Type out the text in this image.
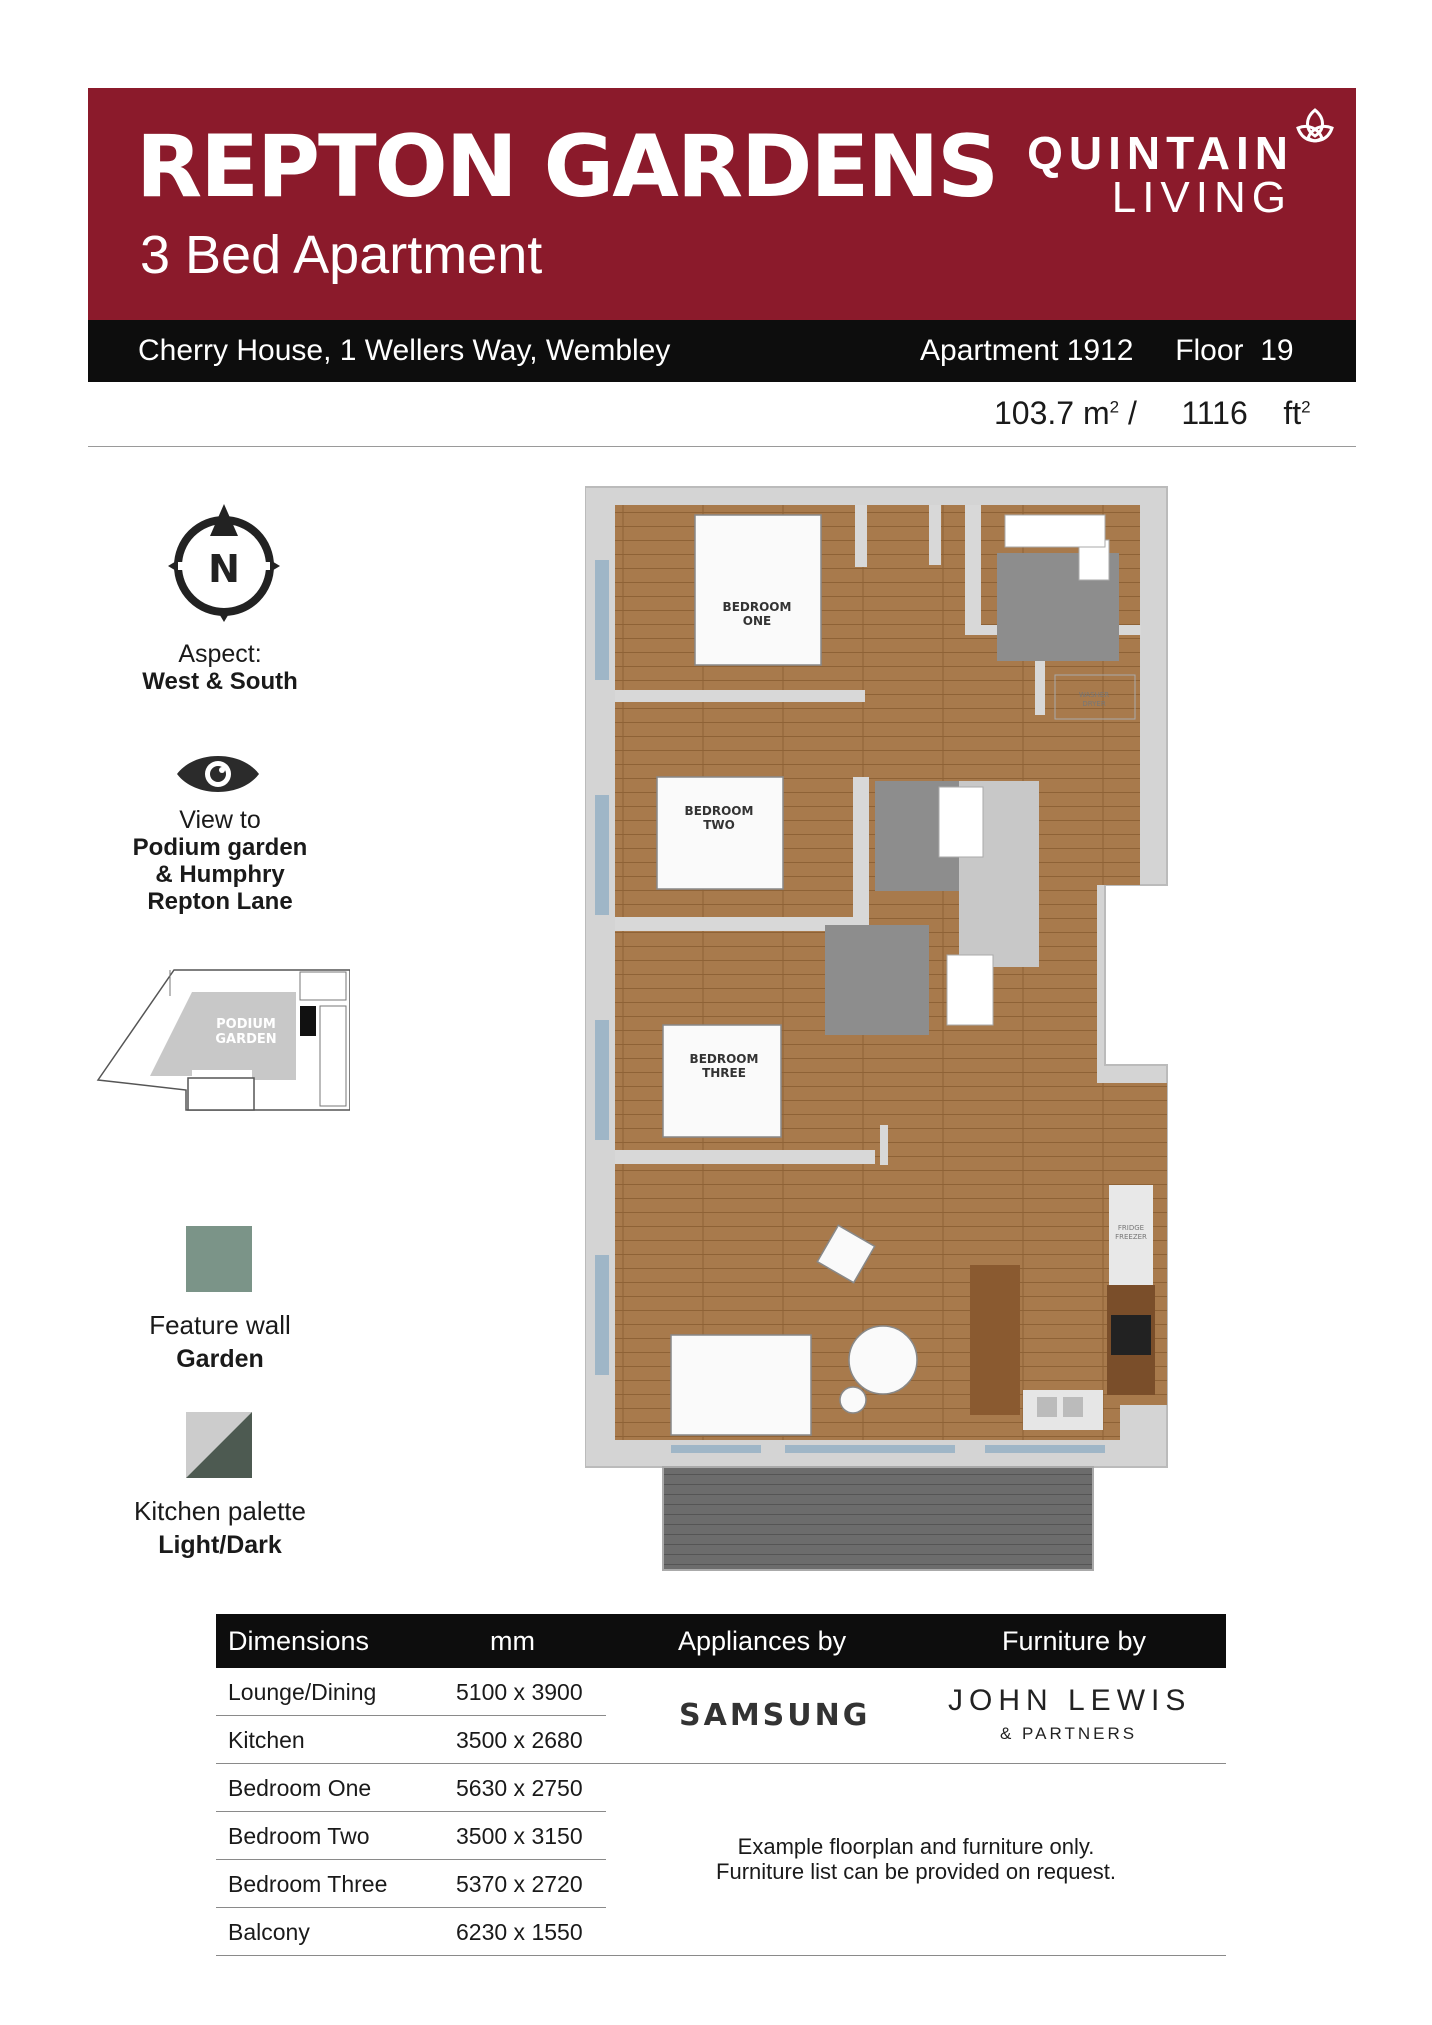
REPTON GARDENS
3 Bed Apartment
QUINTAIN
LIVING
Cherry House, 1 Wellers Way, Wembley	Apartment 1912 Floor 19
103.7 $m^2$ /     1116 $ft^2$
N
Aspect:
West & South
View to
Podium garden
& Humphry
Repton Lane
PODIUM
GARDEN
Feature wall
Garden
Kitchen palette
Light/Dark
BEDROOM
ONE
BEDROOM
TWO
BEDROOM
THREE
WASHER
DRYER
FRIDGE
FREEZER
Dimensions	mm	Appliances by	Furniture by
Lounge/Dining	5100 x 3900
Kitchen	3500 x 2680
Bedroom One	5630 x 2750
Bedroom Two	3500 x 3150
Bedroom Three	5370 x 2720
Balcony	6230 x 1550
SAMSUNG	JOHN LEWIS
& PARTNERS
Example floorplan and furniture only.
Furniture list can be provided on request.
